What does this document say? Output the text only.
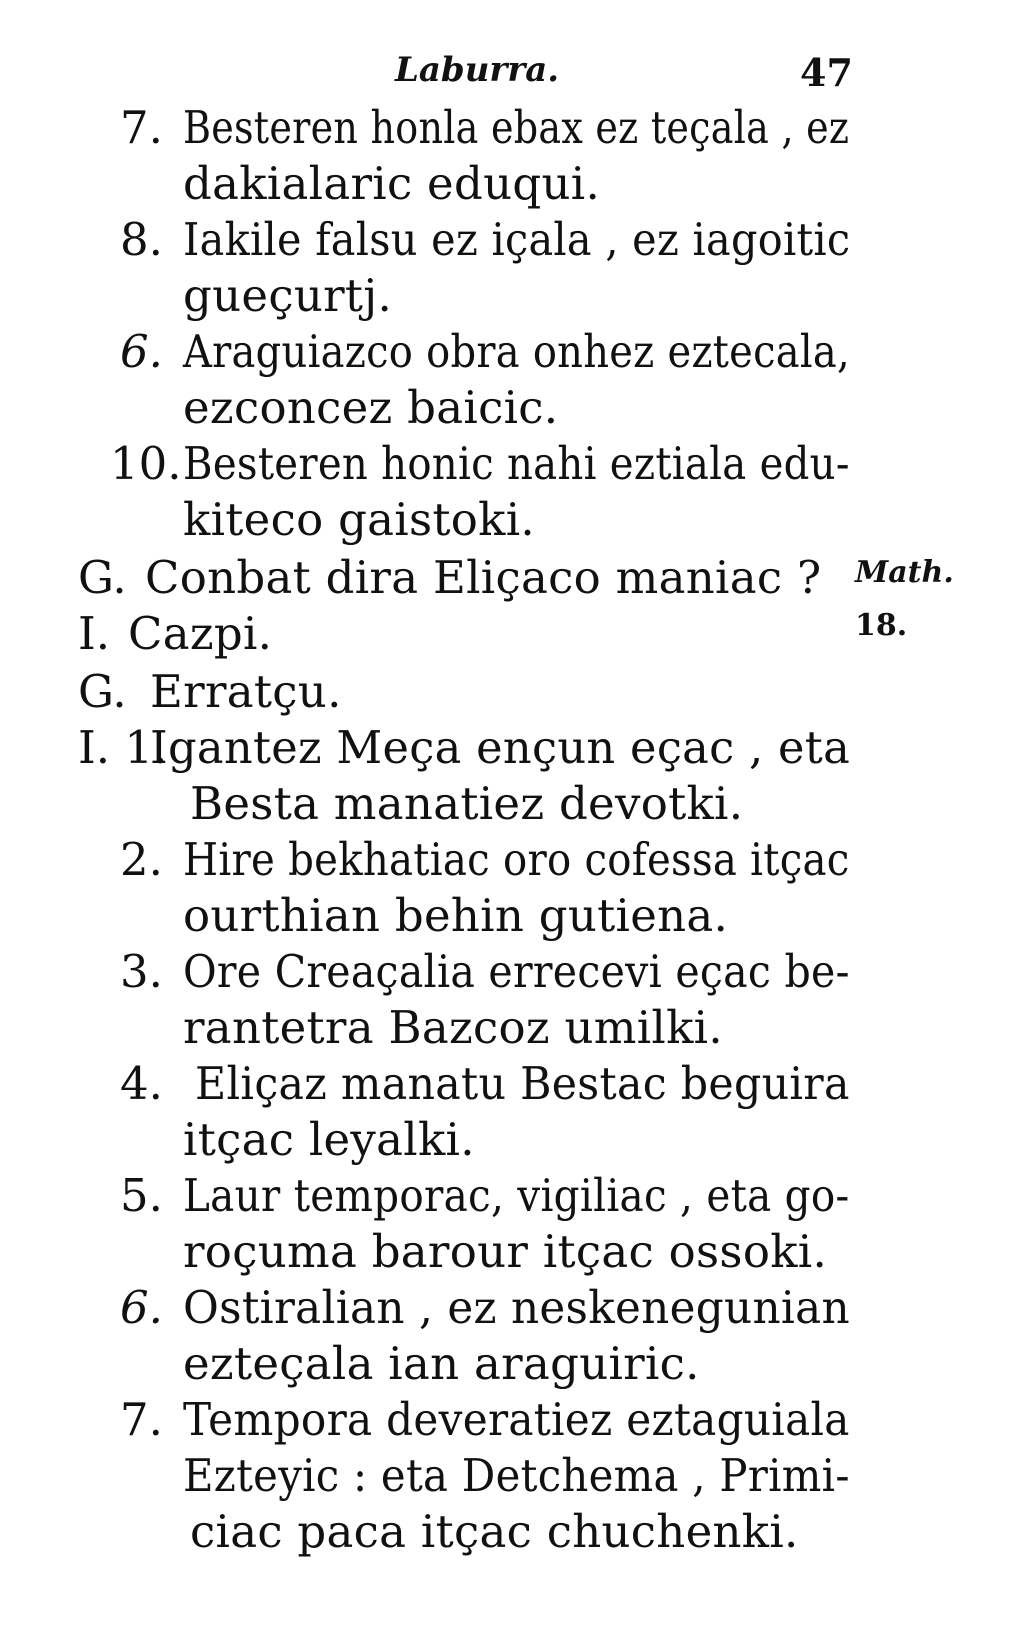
Laburra.	47
7. Besteren honla ebax ez teçala , ez
dakialaric eduqui.
8. Iakile falsu ez içala , ez iagoitic
gueçurtj.
6. Araguiazco obra onhez eztecala,
ezconcez baicic.
10. Besteren honic nahi eztiala edu-
kiteco gaistoki.
G. Conbat dira Eliçaco maniac ?
I. Cazpi.
G. Erratçu.
Math.
18.
I. 1.
Igantez Meça ençun eçac , eta
Besta manatiez devotki.
2. Hire bekhatiac oro cofessa itçac
ourthian behin gutiena.
3. Ore Creaçalia errecevi eçac be-
rantetra Bazcoz umilki.
4. Eliçaz manatu Bestac beguira
itçac leyalki.
5. Laur temporac, vigiliac , eta go-
roçuma barour itçac ossoki.
6. Ostiralian , ez neskenegunian
ezteçala ian araguiric.
7. Tempora deveratiez eztaguiala
Ezteyic : eta Detchema , Primi-
ciac paca itçac chuchenki.
